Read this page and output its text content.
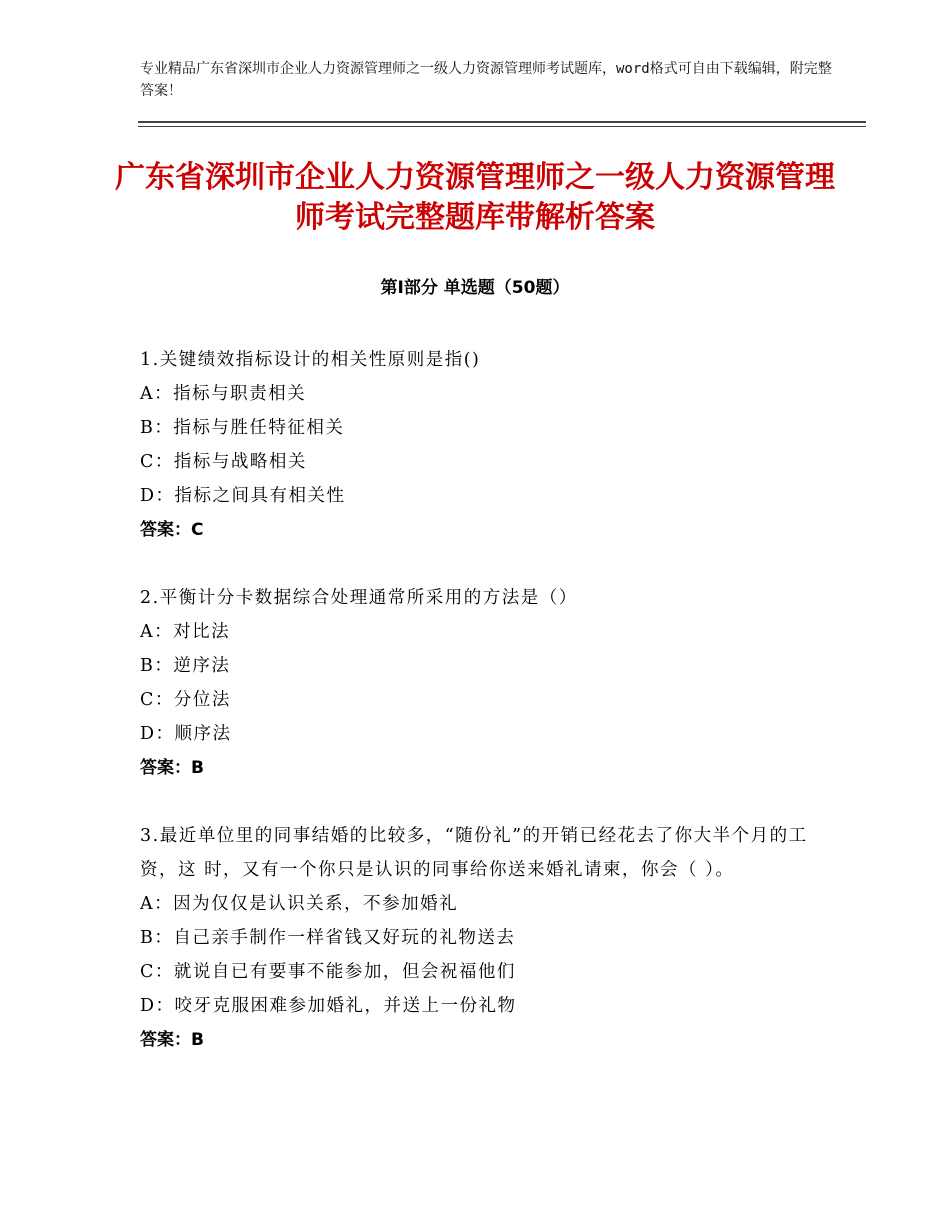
专业精品广东省深圳市企业人力资源管理师之一级人力资源管理师考试题库，word格式可自由下载编辑，附完整答案！
广东省深圳市企业人力资源管理师之一级人力资源管理师考试完整题库带解析答案
第Ⅰ部分 单选题（50题）
1.关键绩效指标设计的相关性原则是指()
A：指标与职责相关
B：指标与胜任特征相关
C：指标与战略相关
D：指标之间具有相关性
答案：C
2.平衡计分卡数据综合处理通常所采用的方法是（）
A：对比法
B：逆序法
C：分位法
D：顺序法
答案：B
3.最近单位里的同事结婚的比较多，“随份礼”的开销已经花去了你大半个月的工资，这 时，又有一个你只是认识的同事给你送来婚礼请柬，你会（ ）。
A：因为仅仅是认识关系，不参加婚礼
B：自己亲手制作一样省钱又好玩的礼物送去
C：就说自已有要事不能参加，但会祝福他们
D：咬牙克服困难参加婚礼，并送上一份礼物
答案：B
